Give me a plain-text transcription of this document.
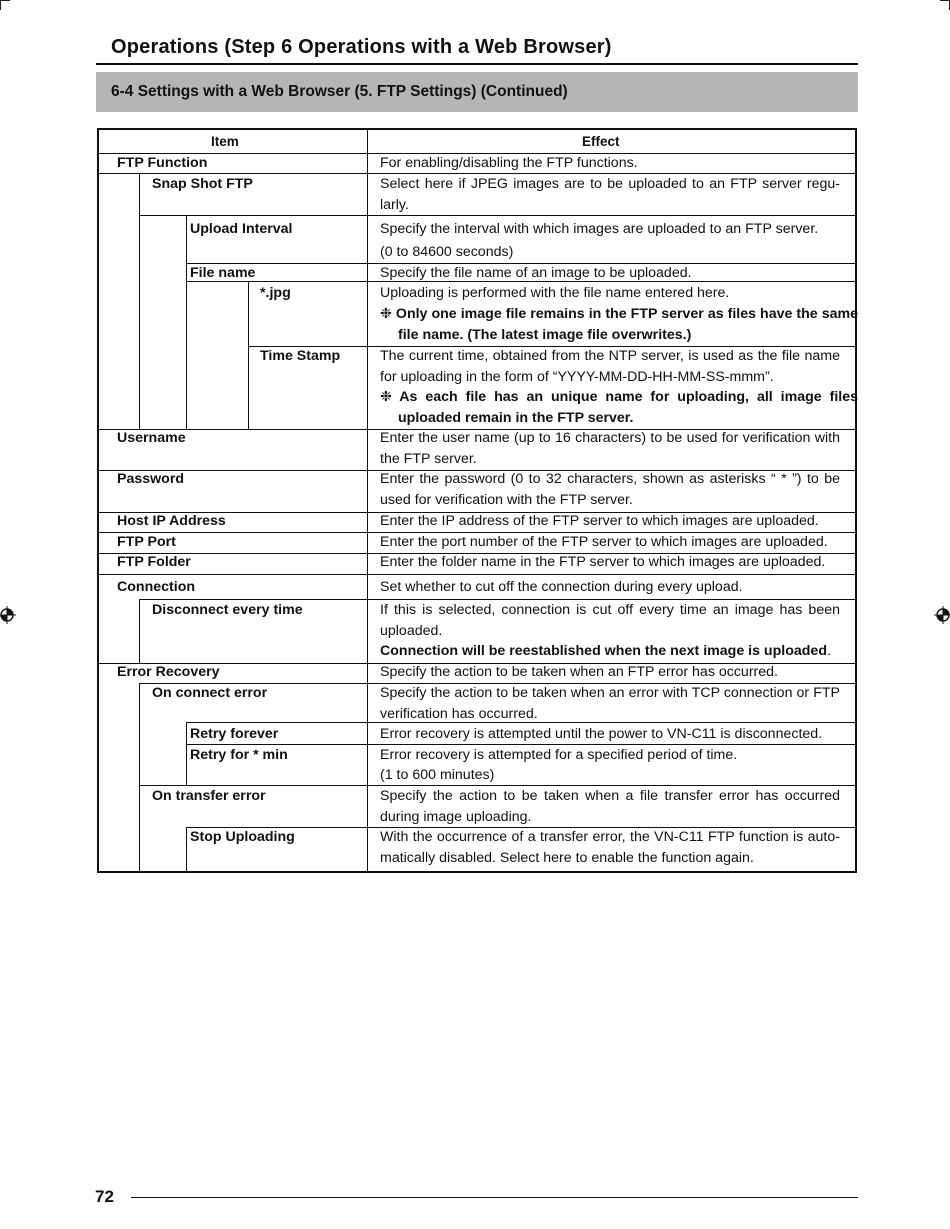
Operations (Step 6 Operations with a Web Browser)
6-4 Settings with a Web Browser (5. FTP Settings) (Continued)
Item	Effect
FTP Function
Snap Shot FTP
Upload Interval
File name
*.jpg
Time Stamp
Username
Password
Host IP Address
FTP Port
FTP Folder
Connection
Disconnect every time
Error Recovery
On connect error
Retry forever
Retry for * min
On transfer error
Stop Uploading
For enabling/disabling the FTP functions.
Select here if JPEG images are to be uploaded to an FTP server regu-larly.
Specify the interval with which images are uploaded to an FTP server.
(0 to 84600 seconds)
Specify the file name of an image to be uploaded.
Uploading is performed with the file name entered here.
❉ Only one image file remains in the FTP server as files have the same file name. (The latest image file overwrites.)
The current time, obtained from the NTP server, is used as the file name for uploading in the form of “YYYY-MM-DD-HH-MM-SS-mmm”.
❉ As each file has an unique name for uploading, all image files uploaded remain in the FTP server.
Enter the user name (up to 16 characters) to be used for verification with the FTP server.
Enter the password (0 to 32 characters, shown as asterisks “ * ”) to be used for verification with the FTP server.
Enter the IP address of the FTP server to which images are uploaded.
Enter the port number of the FTP server to which images are uploaded.
Enter the folder name in the FTP server to which images are uploaded.
Set whether to cut off the connection during every upload.
If this is selected, connection is cut off every time an image has been uploaded.
Connection will be reestablished when the next image is uploaded.
Specify the action to be taken when an FTP error has occurred.
Specify the action to be taken when an error with TCP connection or FTP verification has occurred.
Error recovery is attempted until the power to VN-C11 is disconnected.
Error recovery is attempted for a specified period of time.
(1 to 600 minutes)
Specify the action to be taken when a file transfer error has occurred during image uploading.
With the occurrence of a transfer error, the VN-C11 FTP function is auto-matically disabled. Select here to enable the function again.
72
